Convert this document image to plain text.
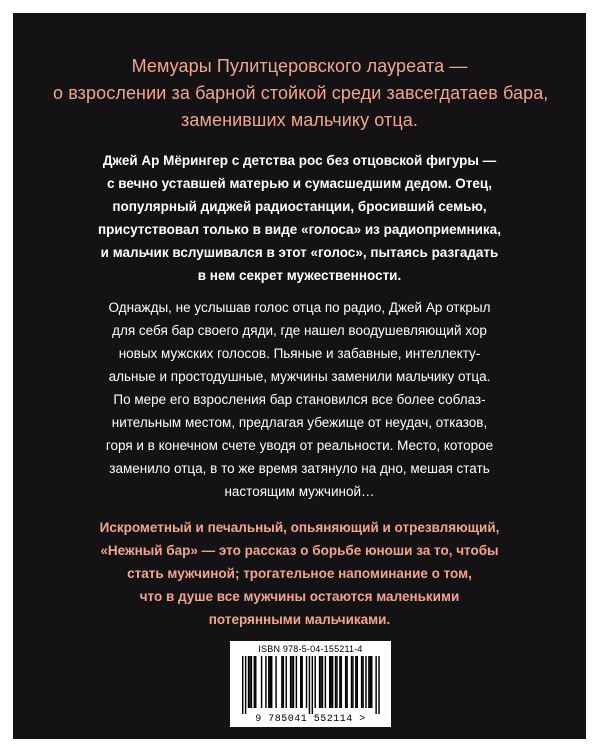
Мемуары Пулитцеровского лауреата —
о взрослении за барной стойкой среди завсегдатаев бара,
заменивших мальчику отца.
Джей Ар Мёрингер с детства рос без отцовской фигуры —
с вечно уставшей матерью и сумасшедшим дедом. Отец,
популярный диджей радиостанции, бросивший семью,
присутствовал только в виде «голоса» из радиоприемника,
и мальчик вслушивался в этот «голос», пытаясь разгадать
в нем секрет мужественности.
Однажды, не услышав голос отца по радио, Джей Ар открыл
для себя бар своего дяди, где нашел воодушевляющий хор
новых мужских голосов. Пьяные и забавные, интеллекту-
альные и простодушные, мужчины заменили мальчику отца.
По мере его взросления бар становился все более соблаз-
нительным местом, предлагая убежище от неудач, отказов,
горя и в конечном счете уводя от реальности. Место, которое
заменило отца, в то же время затянуло на дно, мешая стать
настоящим мужчиной…
Искрометный и печальный, опьяняющий и отрезвляющий,
«Нежный бар» — это рассказ о борьбе юноши за то, чтобы
стать мужчиной; трогательное напоминание о том,
что в душе все мужчины остаются маленькими
потерянными мальчиками.
ISBN 978-5-04-155211-4
9 785041 552114 >
